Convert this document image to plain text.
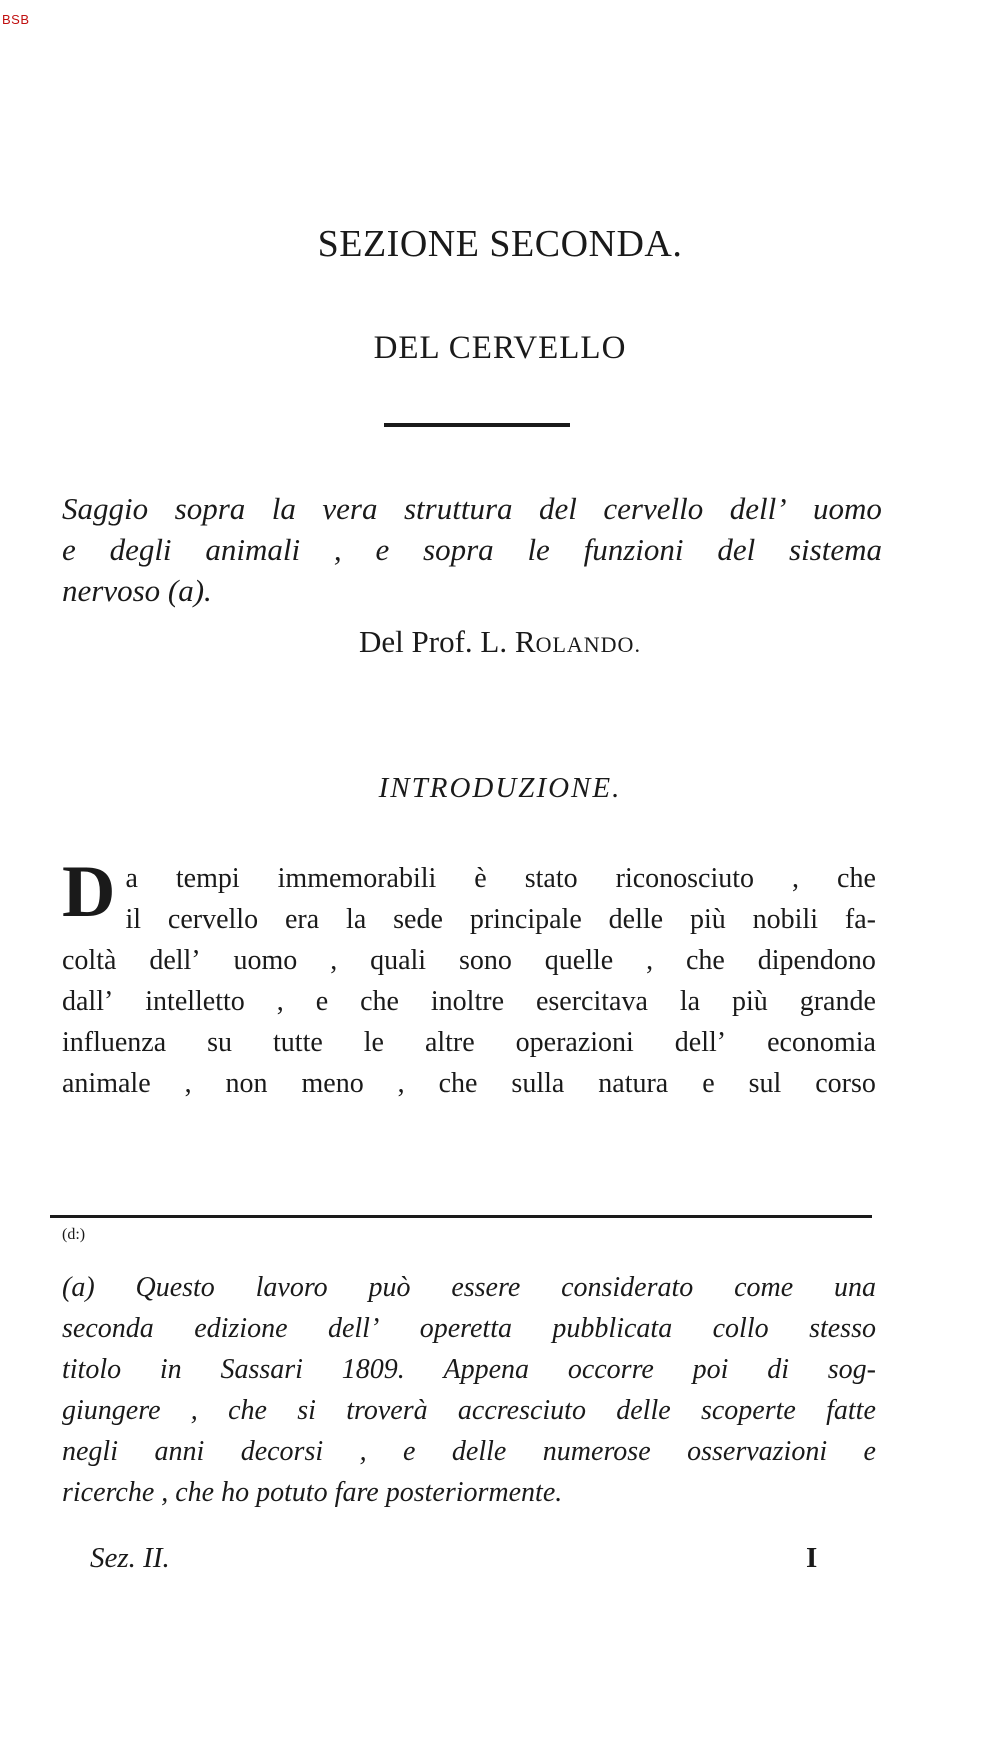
BSB
SEZIONE SECONDA.
DEL CERVELLO
Saggio sopra la vera struttura del cervello dell’ uomo
e degli animali , e sopra le funzioni del sistema
nervoso (a).
Del Prof. L. ROLANDO.
INTRODUZIONE.
D a tempi immemorabili è stato riconosciuto , che
il cervello era la sede principale delle più nobili fa-
coltà dell’ uomo , quali sono quelle , che dipendono
dall’ intelletto , e che inoltre esercitava la più grande
influenza su tutte le altre operazioni dell’ economia
animale , non meno , che sulla natura e sul corso
(d:)
(a) Questo lavoro può essere considerato come una
seconda edizione dell’ operetta pubblicata collo stesso
titolo in Sassari 1809. Appena occorre poi di sog-
giungere , che si troverà accresciuto delle scoperte fatte
negli anni decorsi , e delle numerose osservazioni e
ricerche , che ho potuto fare posteriormente.
Sez. II.	I
